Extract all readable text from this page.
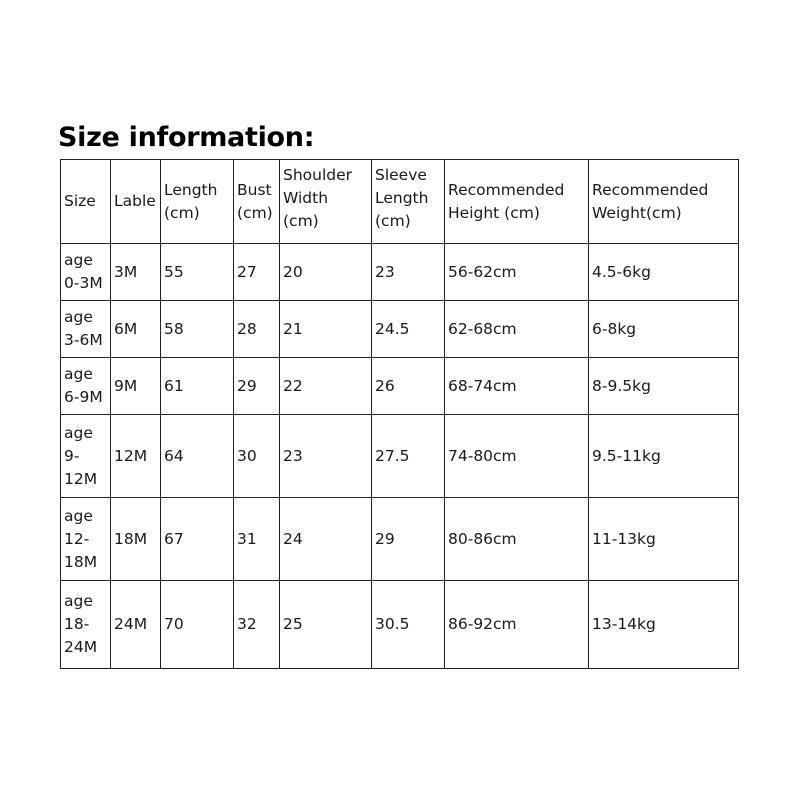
Size information:
Size	Lable	Length (cm)	Bust (cm)	Shoulder Width (cm)	Sleeve Length (cm)	Recommended Height (cm)	Recommended Weight(cm)
age 0-3M	3M	55	27	20	23	56-62cm	4.5-6kg
age 3-6M	6M	58	28	21	24.5	62-68cm	6-8kg
age 6-9M	9M	61	29	22	26	68-74cm	8-9.5kg
age 9-12M	12M	64	30	23	27.5	74-80cm	9.5-11kg
age 12-18M	18M	67	31	24	29	80-86cm	11-13kg
age 18-24M	24M	70	32	25	30.5	86-92cm	13-14kg
